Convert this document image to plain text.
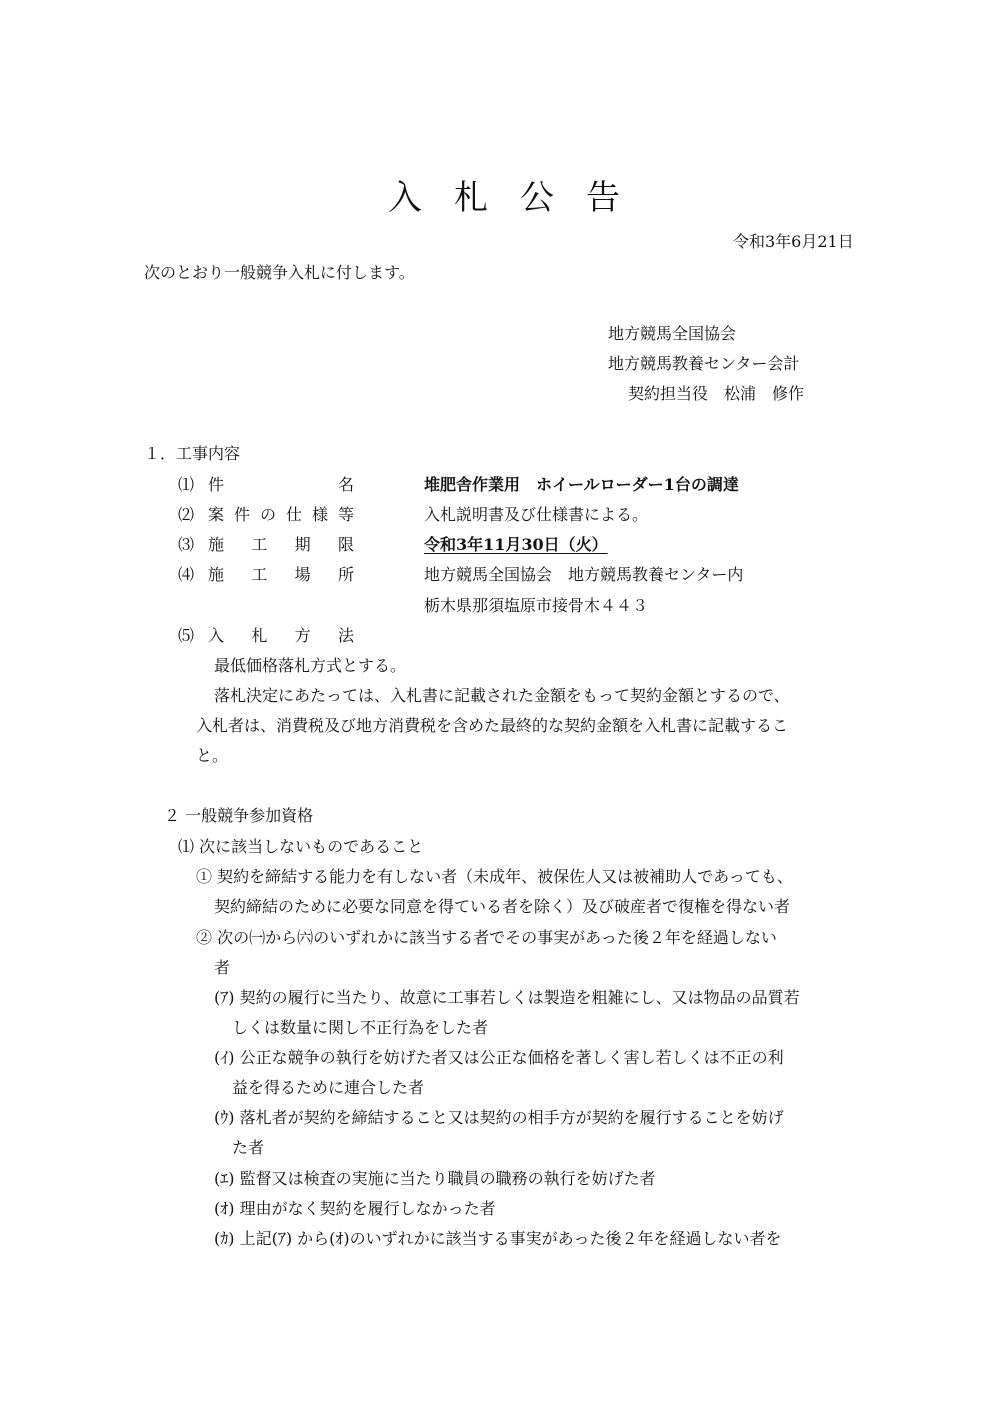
入札公告
令和3年6月21日
次のとおり一般競争入札に付します。
地方競馬全国協会
地方競馬教養センター会計
契約担当役　松浦　修作
１．工事内容
⑴ 件名	堆肥舎作業用　ホイールローダー1台の調達
⑵ 案件の仕様等	入札説明書及び仕様書による。
⑶ 施工期限	令和3年11月30日（火）
⑷ 施工場所	地方競馬全国協会　地方競馬教養センター内
栃木県那須塩原市接骨木４４３
⑸ 入札方法
最低価格落札方式とする。
落札決定にあたっては、入札書に記載された金額をもって契約金額とするので、
入札者は、消費税及び地方消費税を含めた最終的な契約金額を入札書に記載するこ
と。
２ 一般競争参加資格
⑴ 次に該当しないものであること
① 契約を締結する能力を有しない者（未成年、被保佐人又は被補助人であっても、
契約締結のために必要な同意を得ている者を除く）及び破産者で復権を得ない者
② 次の㈠から㈥のいずれかに該当する者でその事実があった後２年を経過しない
者
(ｱ) 契約の履行に当たり、故意に工事若しくは製造を粗雑にし、又は物品の品質若
しくは数量に関し不正行為をした者
(ｲ) 公正な競争の執行を妨げた者又は公正な価格を著しく害し若しくは不正の利
益を得るために連合した者
(ｳ) 落札者が契約を締結すること又は契約の相手方が契約を履行することを妨げ
た者
(ｴ) 監督又は検査の実施に当たり職員の職務の執行を妨げた者
(ｵ) 理由がなく契約を履行しなかった者
(ｶ) 上記(ｱ) から(ｵ)のいずれかに該当する事実があった後２年を経過しない者を
